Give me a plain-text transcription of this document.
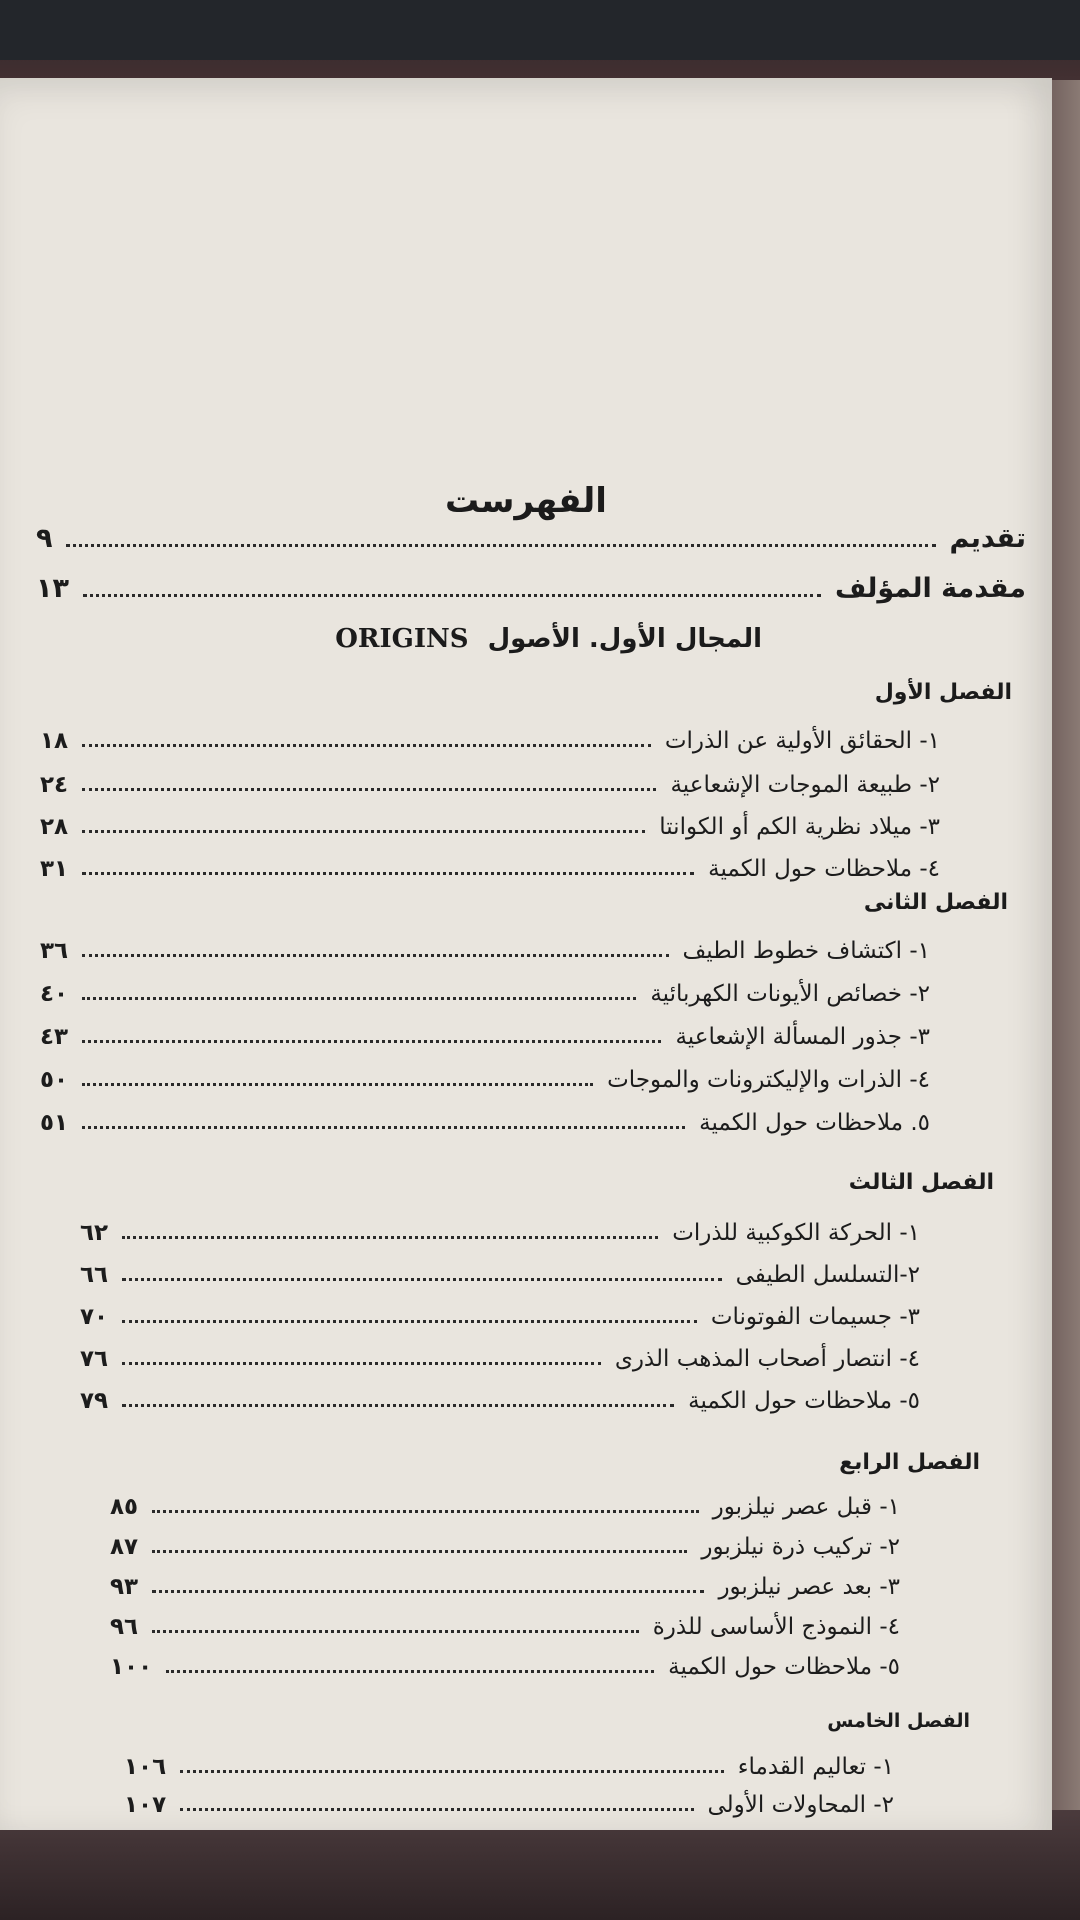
الفهرست
تقديم
٩
مقدمة المؤلف
١٣
المجال الأول. الأصول ORIGINS
الفصل الأول
١- الحقائق الأولية عن الذرات
١٨
٢- طبيعة الموجات الإشعاعية
٢٤
٣- ميلاد نظرية الكم أو الكوانتا
٢٨
٤- ملاحظات حول الكمية
٣١
الفصل الثانى
١- اكتشاف خطوط الطيف
٣٦
٢- خصائص الأيونات الكهربائية
٤٠
٣- جذور المسألة الإشعاعية
٤٣
٤- الذرات والإليكترونات والموجات
٥٠
٥. ملاحظات حول الكمية
٥١
الفصل الثالث
١- الحركة الكوكبية للذرات
٦٢
٢-التسلسل الطيفى
٦٦
٣- جسيمات الفوتونات
٧٠
٤- انتصار أصحاب المذهب الذرى
٧٦
٥- ملاحظات حول الكمية
٧٩
الفصل الرابع
١- قبل عصر نيلزبور
٨٥
٢- تركيب ذرة نيلزبور
٨٧
٣- بعد عصر نيلزبور
٩٣
٤- النموذج الأساسى للذرة
٩٦
٥- ملاحظات حول الكمية
١٠٠
الفصل الخامس
١- تعاليم القدماء
١٠٦
٢- المحاولات الأولى
١٠٧
